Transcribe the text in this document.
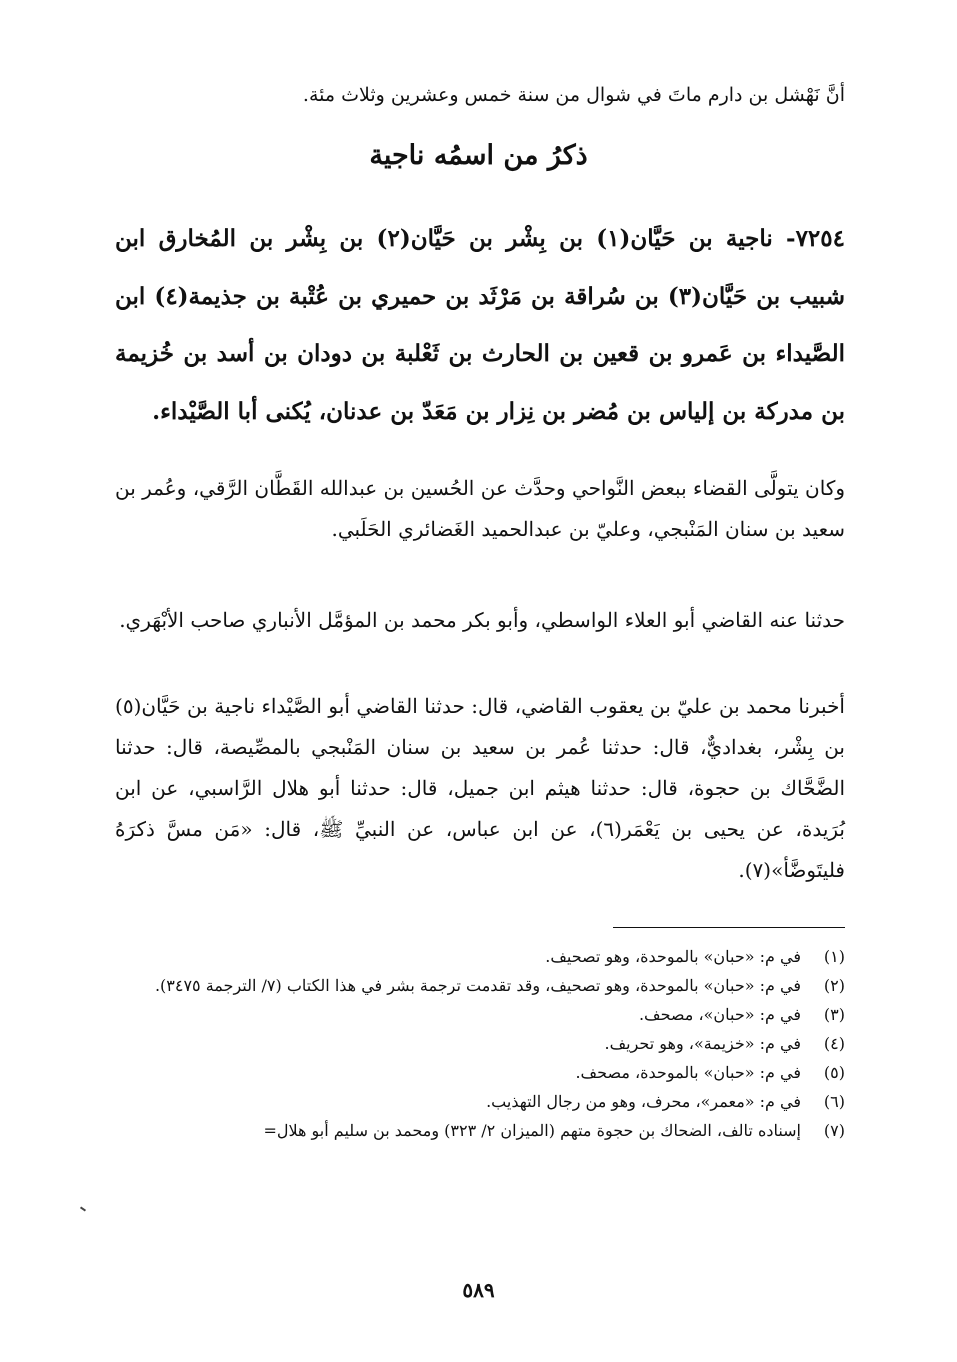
أنَّ نَهْشل بن دارم ماتَ في شوال من سنة خمس وعشرين وثلاث مئة.

ذكرُ من اسمُه ناجية

٧٢٥٤- ناجية بن حَيَّان(١) بن بِشْر بن حَيَّان(٢) بن بِشْر بن المُخارق ابن شبيب بن حَيَّان(٣) بن سُراقة بن مَرْثَد بن حميري بن عُتْبة بن جذيمة(٤) ابن الصَّيداء بن عَمرو بن قعين بن الحارث بن ثَعْلبة بن دودان بن أسد بن خُزيمة بن مدركة بن إلياس بن مُضر بن نِزار بن مَعَدّ بن عدنان، يُكنى أبا الصَّيْداء.

وكان يتولَّى القضاء ببعض النَّواحي وحدَّث عن الحُسين بن عبدالله القَطَّان الرَّقي، وعُمر بن سعيد بن سنان المَنْبجي، وعليّ بن عبدالحميد الغَضائري الحَلَبي.

حدثنا عنه القاضي أبو العلاء الواسطي، وأبو بكر محمد بن المؤمَّل الأنباري صاحب الأبْهَري.

أخبرنا محمد بن عليّ بن يعقوب القاضي، قال: حدثنا القاضي أبو الصَّيْداء ناجية بن حَيَّان(٥) بن بِشْر، بغداديٌّ، قال: حدثنا عُمر بن سعيد بن سنان المَنْبجي بالمصِّيصة، قال: حدثنا الضَّحَّاك بن حجوة، قال: حدثنا هيثم ابن جميل، قال: حدثنا أبو هلال الرَّاسبي، عن ابن بُرَيدة، عن يحيى بن يَعْمَر(٦)، عن ابن عباس، عن النبيِّ ﷺ، قال: «مَن مسَّ ذكرَهُ فليتَوضَّأ»(٧).

(١)
في م: «حبان» بالموحدة، وهو تصحيف.
(٢)
في م: «حبان» بالموحدة، وهو تصحيف، وقد تقدمت ترجمة بشر في هذا الكتاب (٧/ الترجمة ٣٤٧٥).
(٣)
في م: «حبان»، مصحف.
(٤)
في م: «خزيمة»، وهو تحريف.
(٥)
في م: «حبان» بالموحدة، مصحف.
(٦)
في م: «معمر»، محرف، وهو من رجال التهذيب.
(٧)
إسناده تالف، الضحاك بن حجوة متهم (الميزان ٢/ ٣٢٣) ومحمد بن سليم أبو هلال=
٥٨٩
